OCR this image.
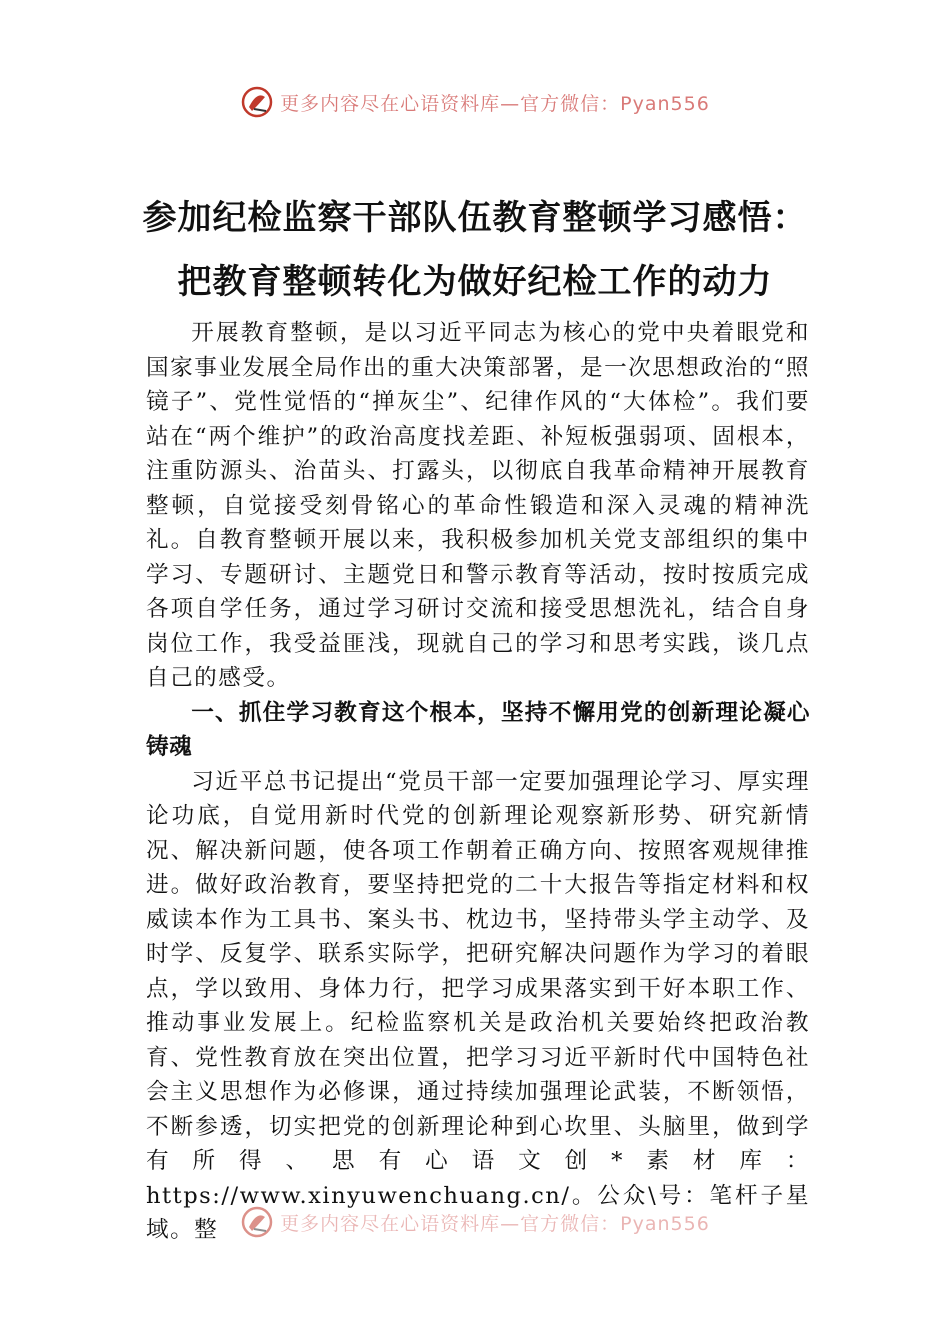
更多内容尽在心语资料库—官方微信：Pyan556
参加纪检监察干部队伍教育整顿学习感悟：
把教育整顿转化为做好纪检工作的动力

开展教育整顿，是以习近平同志为核心的党中央着眼党和国家事业发展全局作出的重大决策部署，是一次思想政治的“照镜子”、党性觉悟的“掸灰尘”、纪律作风的“大体检”。我们要站在“两个维护”的政治高度找差距、补短板强弱项、固根本，注重防源头、治苗头、打露头，以彻底自我革命精神开展教育整顿，自觉接受刻骨铭心的革命性锻造和深入灵魂的精神洗礼。自教育整顿开展以来，我积极参加机关党支部组织的集中学习、专题研讨、主题党日和警示教育等活动，按时按质完成各项自学任务，通过学习研讨交流和接受思想洗礼，结合自身岗位工作，我受益匪浅，现就自己的学习和思考实践，谈几点自己的感受。

一、抓住学习教育这个根本，坚持不懈用党的创新理论凝心铸魂

习近平总书记提出“党员干部一定要加强理论学习、厚实理论功底，自觉用新时代党的创新理论观察新形势、研究新情况、解决新问题，使各项工作朝着正确方向、按照客观规律推进。做好政治教育，要坚持把党的二十大报告等指定材料和权威读本作为工具书、案头书、枕边书，坚持带头学主动学、及时学、反复学、联系实际学，把研究解决问题作为学习的着眼点，学以致用、身体力行，把学习成果落实到干好本职工作、推动事业发展上。纪检监察机关是政治机关要始终把政治教育、党性教育放在突出位置，把学习习近平新时代中国特色社会主义思想作为必修课，通过持续加强理论武装，不断领悟，不断参透，切实把党的创新理论种到心坎里、头脑里，做到学有所得、思有心语文创*素材库：https://www.xinyuwenchuang.cn/。公众\号：笔杆子星域。整	更多内容尽在心语资料库—官方微信：Pyan556
